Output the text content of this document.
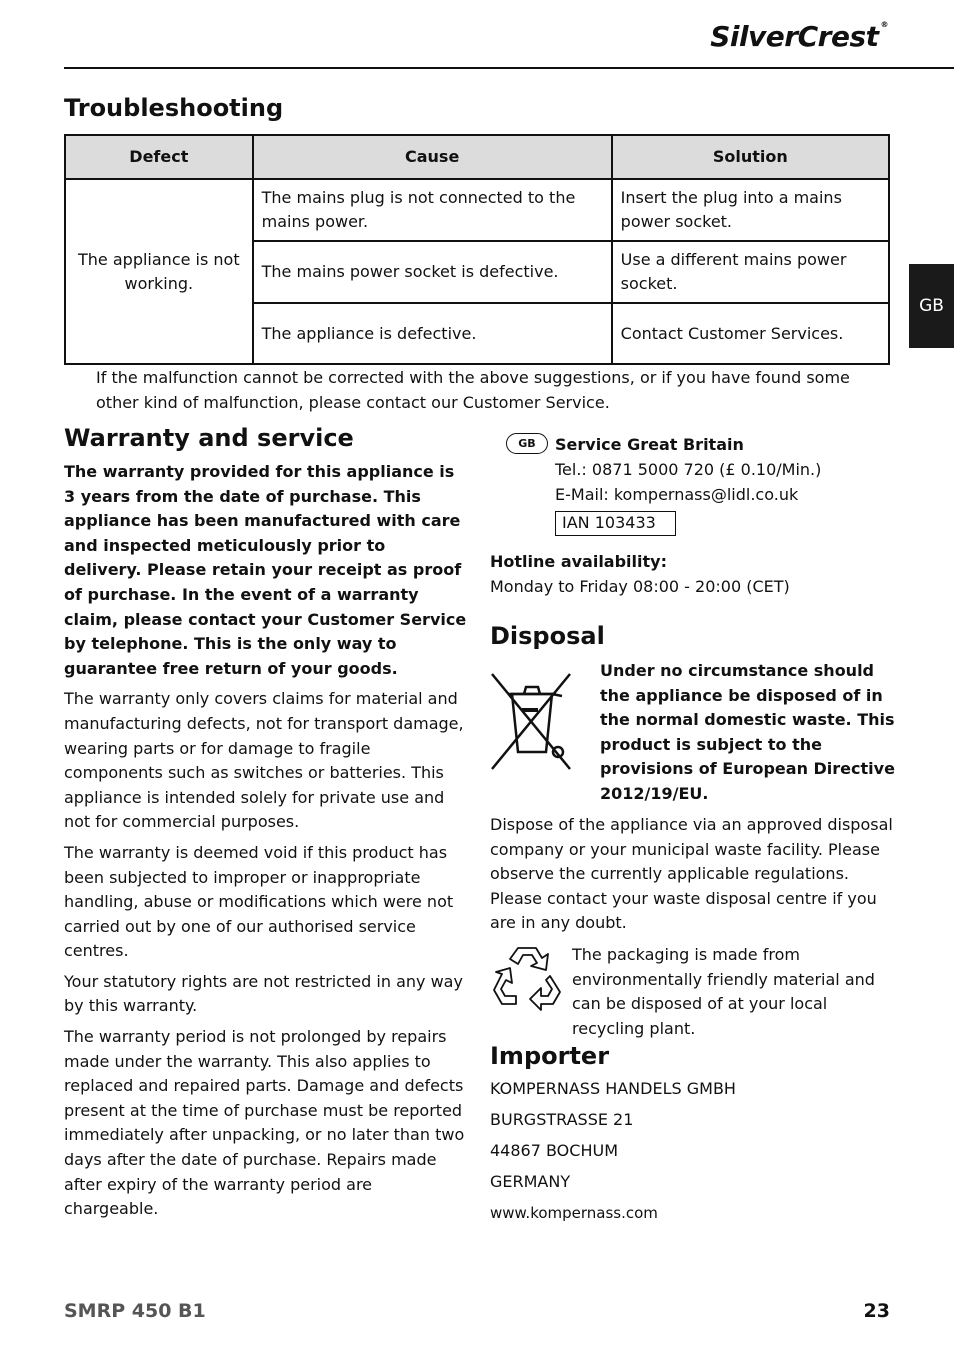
SilverCrest ®
GB
Troubleshooting
Defect	Cause	Solution
The appliance is not working.	The mains plug is not connected to the mains power.	Insert the plug into a mains power socket.
	The mains power socket is defective.	Use a different mains power socket.
	The appliance is defective.	Contact Customer Services.
If the malfunction cannot be corrected with the above suggestions, or if you have found some other kind of malfunction, please contact our Customer Service.
Warranty and service

The warranty provided for this appliance is 3 years from the date of purchase. This appliance has been manufactured with care and inspected meticulously prior to delivery. Please retain your receipt as proof of purchase. In the event of a warranty claim, please contact your Customer Service by telephone. This is the only way to guarantee free return of your goods.

The warranty only covers claims for material and manufacturing defects, not for transport damage, wearing parts or for damage to fragile components such as switches or batteries. This appliance is intended solely for private use and not for commercial purposes.

The warranty is deemed void if this product has been subjected to improper or inappropriate handling, abuse or modifications which were not carried out by one of our authorised service centres.

Your statutory rights are not restricted in any way by this warranty.

The warranty period is not prolonged by repairs made under the warranty. This also applies to replaced and repaired parts. Damage and defects present at the time of purchase must be reported immediately after unpacking, or no later than two days after the date of purchase. Repairs made after expiry of the warranty period are chargeable.

GB	Service Great Britain
Tel.: 0871 5000 720 (£ 0.10/Min.)
E-Mail: kompernass@lidl.co.uk
IAN 103433
Hotline availability:
Monday to Friday 08:00 - 20:00 (CET)
Disposal
Under no circumstance should the appliance be disposed of in the normal domestic waste. This product is subject to the provisions of European Directive 2012/19/EU.
Dispose of the appliance via an approved disposal company or your municipal waste facility. Please observe the currently applicable regulations. Please contact your waste disposal centre if you are in any doubt.
The packaging is made from environmentally friendly material and can be disposed of at your local recycling plant.
Importer
KOMPERNASS HANDELS GMBH
BURGSTRASSE 21
44867 BOCHUM
GERMANY
www.kompernass.com
SMRP 450 B1	23
